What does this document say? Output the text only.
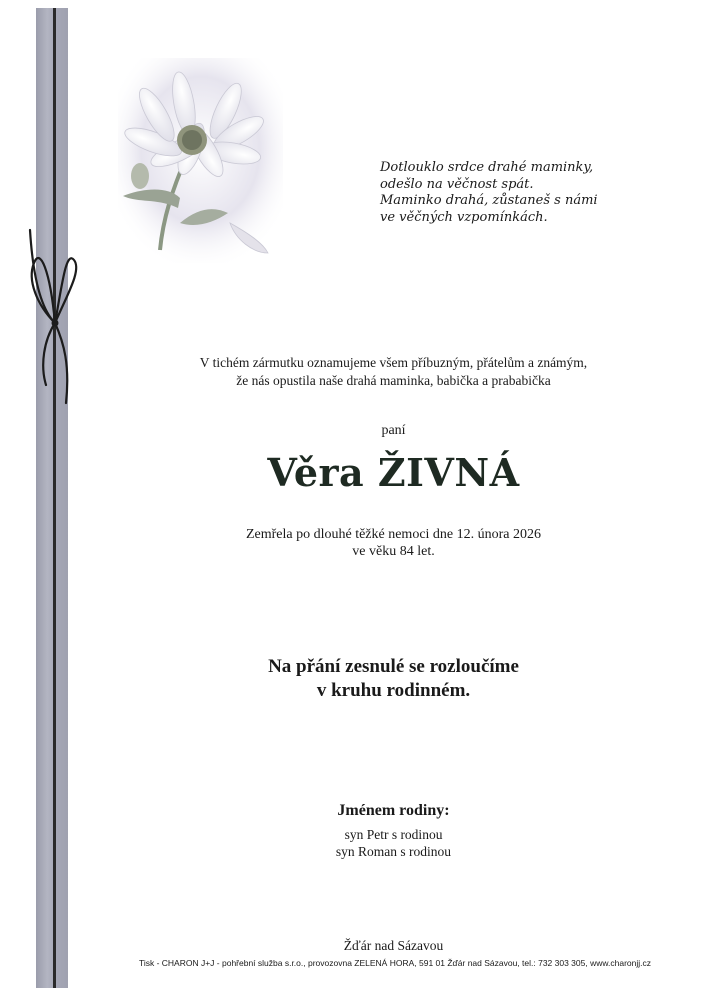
Dotlouklo srdce drahé maminky,
odešlo na věčnost spát.
Maminko drahá, zůstaneš s námi
ve věčných vzpomínkách.
V tichém zármutku oznamujeme všem příbuzným, přátelům a známým,
že nás opustila naše drahá maminka, babička a prababička
paní
Věra ŽIVNÁ
Zemřela po dlouhé těžké nemoci dne 12. února 2026
ve věku 84 let.
Na přání zesnulé se rozloučíme
v kruhu rodinném.
Jménem rodiny:
syn Petr s rodinou
syn Roman s rodinou
Žďár nad Sázavou
Tisk - CHARON J+J - pohřební služba s.r.o., provozovna ZELENÁ HORA, 591 01 Žďár nad Sázavou, tel.: 732 303 305, www.charonjj.cz
